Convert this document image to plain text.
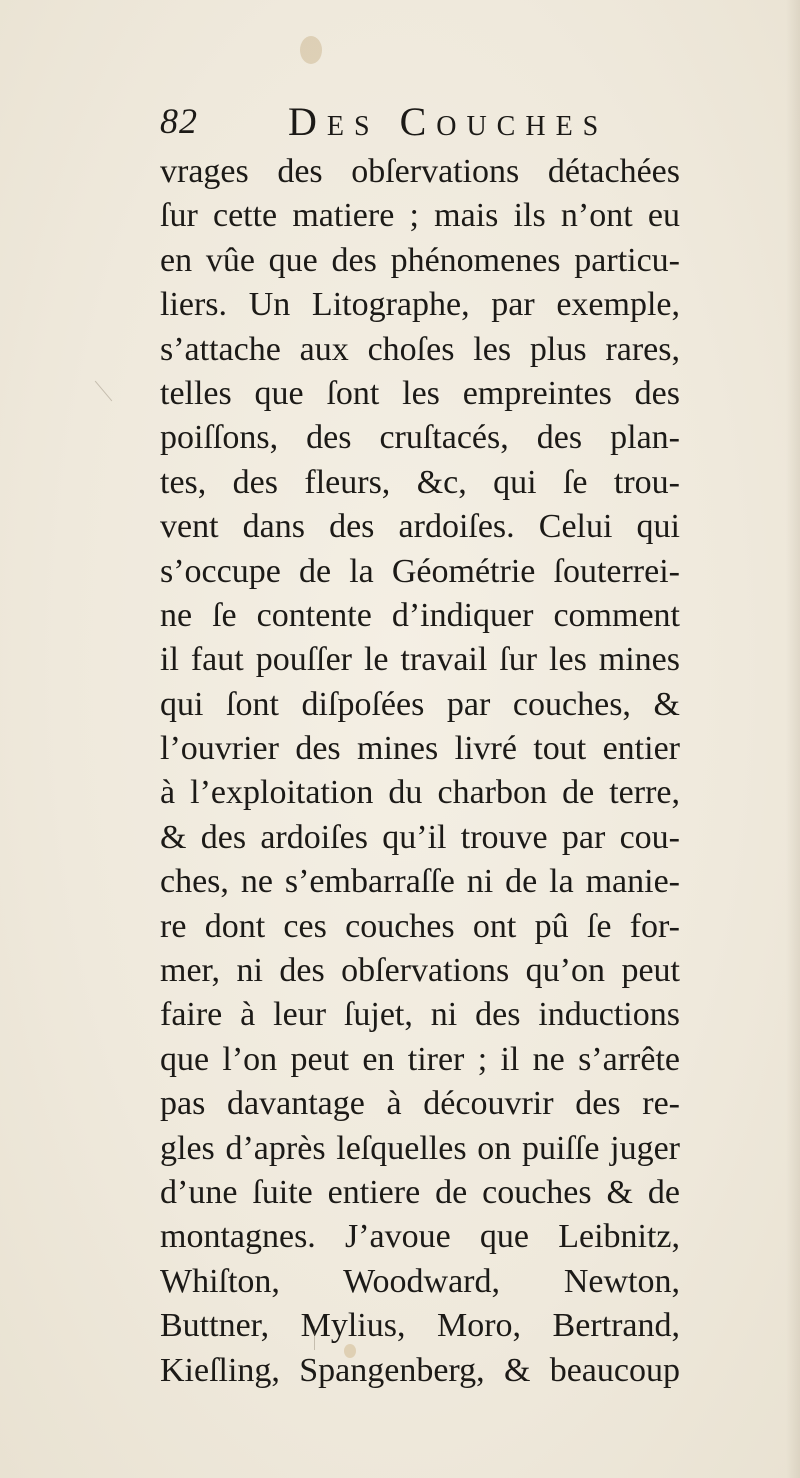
82 Des Couches
vrages des obſervations détachées
ſur cette matiere ; mais ils n’ont eu
en vûe que des phénomenes particu-
liers. Un Litographe, par exemple,
s’attache aux choſes les plus rares,
telles que ſont les empreintes des
poiſſons, des cruſtacés, des plan-
tes, des fleurs, &c, qui ſe trou-
vent dans des ardoiſes. Celui qui
s’occupe de la Géométrie ſouterrei-
ne ſe contente d’indiquer comment
il faut pouſſer le travail ſur les mines
qui ſont diſpoſées par couches, &
l’ouvrier des mines livré tout entier
à l’exploitation du charbon de terre,
& des ardoiſes qu’il trouve par cou-
ches, ne s’embarraſſe ni de la manie-
re dont ces couches ont pû ſe for-
mer, ni des obſervations qu’on peut
faire à leur ſujet, ni des inductions
que l’on peut en tirer ; il ne s’arrête
pas davantage à découvrir des re-
gles d’après leſquelles on puiſſe juger
d’une ſuite entiere de couches & de
montagnes. J’avoue que Leibnitz,
Whiſton, Woodward, Newton,
Buttner, Mylius, Moro, Bertrand,
Kieſling, Spangenberg, & beaucoup
